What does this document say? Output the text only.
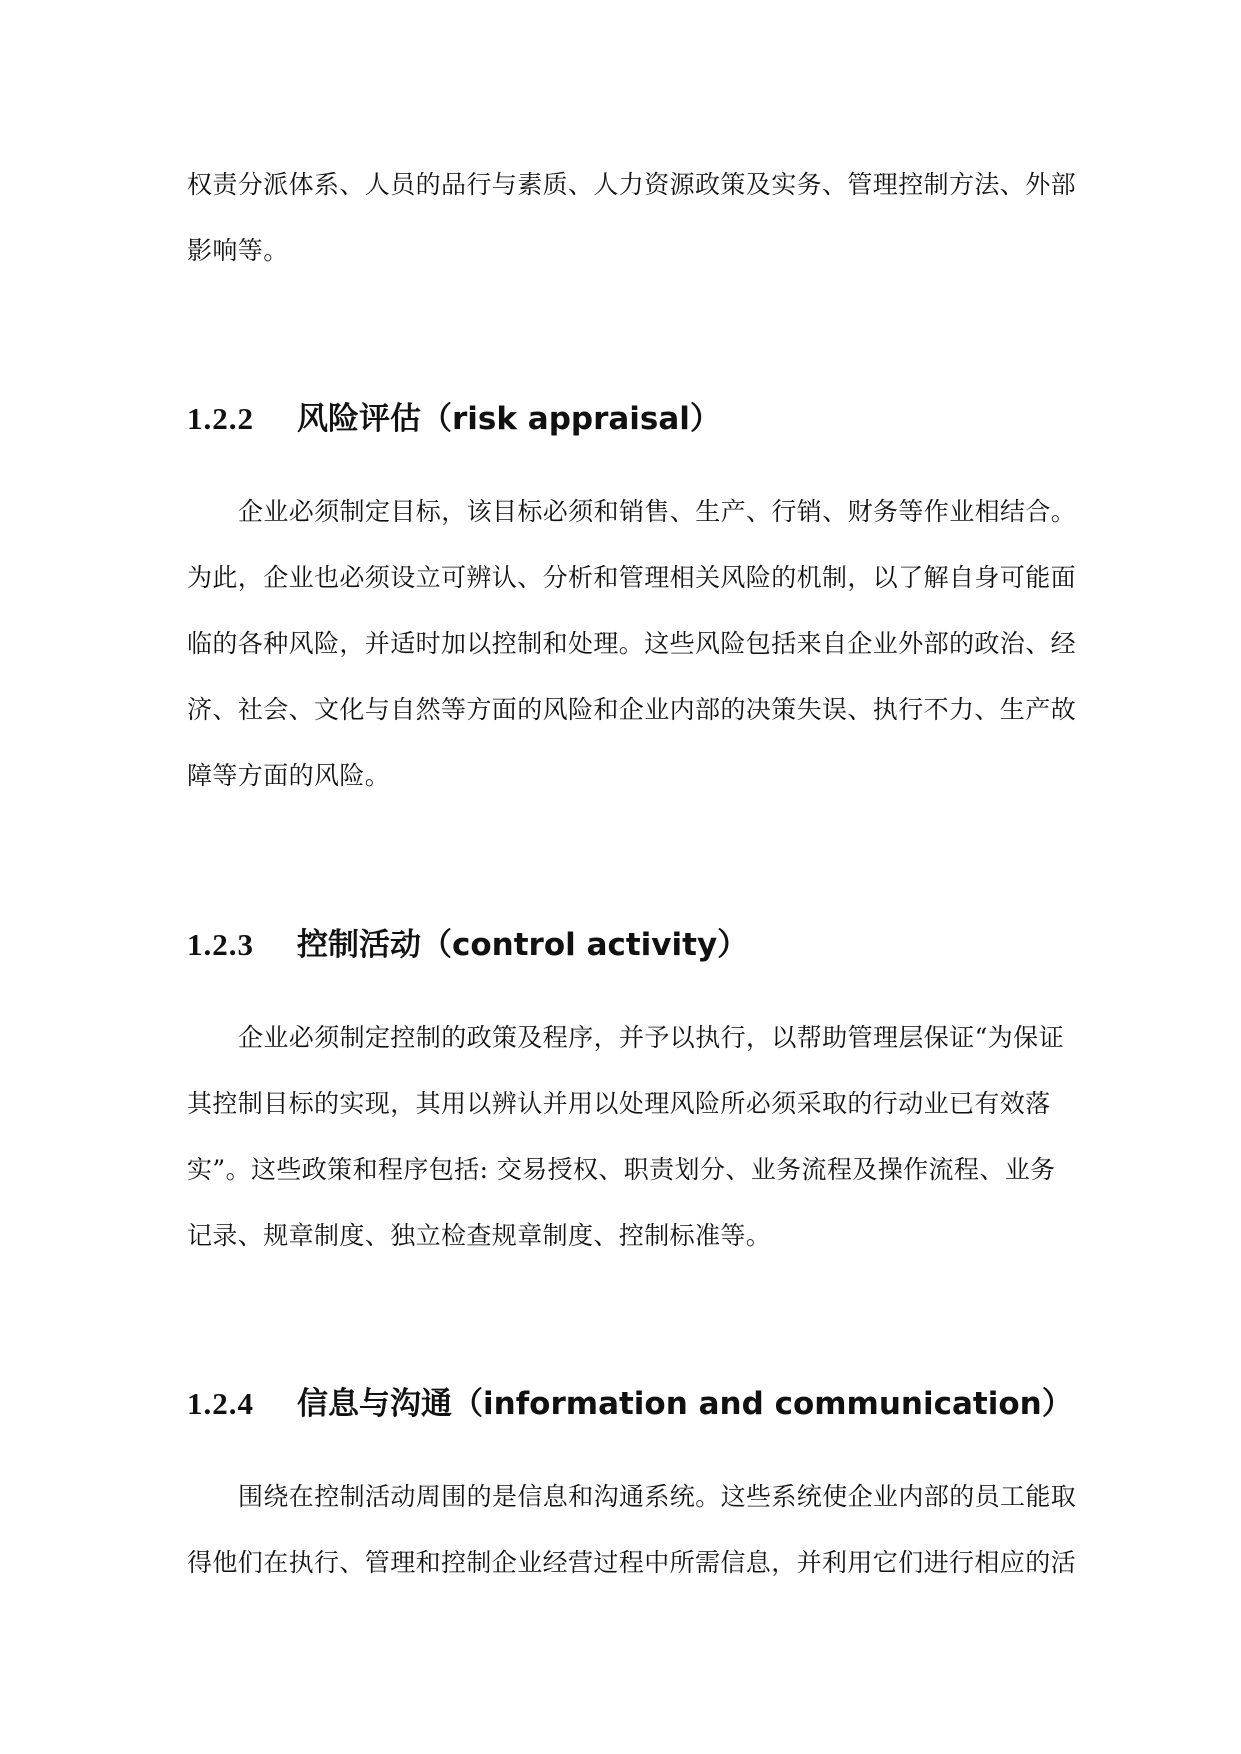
权责分派体系、人员的品行与素质、人力资源政策及实务、管理控制方法、外部
影响等。
1.2.2 风险评估（risk appraisal）
企业必须制定目标，该目标必须和销售、生产、行销、财务等作业相结合。
为此，企业也必须设立可辨认、分析和管理相关风险的机制，以了解自身可能面
临的各种风险，并适时加以控制和处理。这些风险包括来自企业外部的政治、经
济、社会、文化与自然等方面的风险和企业内部的决策失误、执行不力、生产故
障等方面的风险。
1.2.3 控制活动（control activity）
企业必须制定控制的政策及程序，并予以执行，以帮助管理层保证“为保证
其控制目标的实现，其用以辨认并用以处理风险所必须采取的行动业已有效落
实”。这些政策和程序包括: 交易授权、职责划分、业务流程及操作流程、业务
记录、规章制度、独立检查规章制度、控制标准等。
1.2.4 信息与沟通（information and communication）
围绕在控制活动周围的是信息和沟通系统。这些系统使企业内部的员工能取
得他们在执行、管理和控制企业经营过程中所需信息，并利用它们进行相应的活
